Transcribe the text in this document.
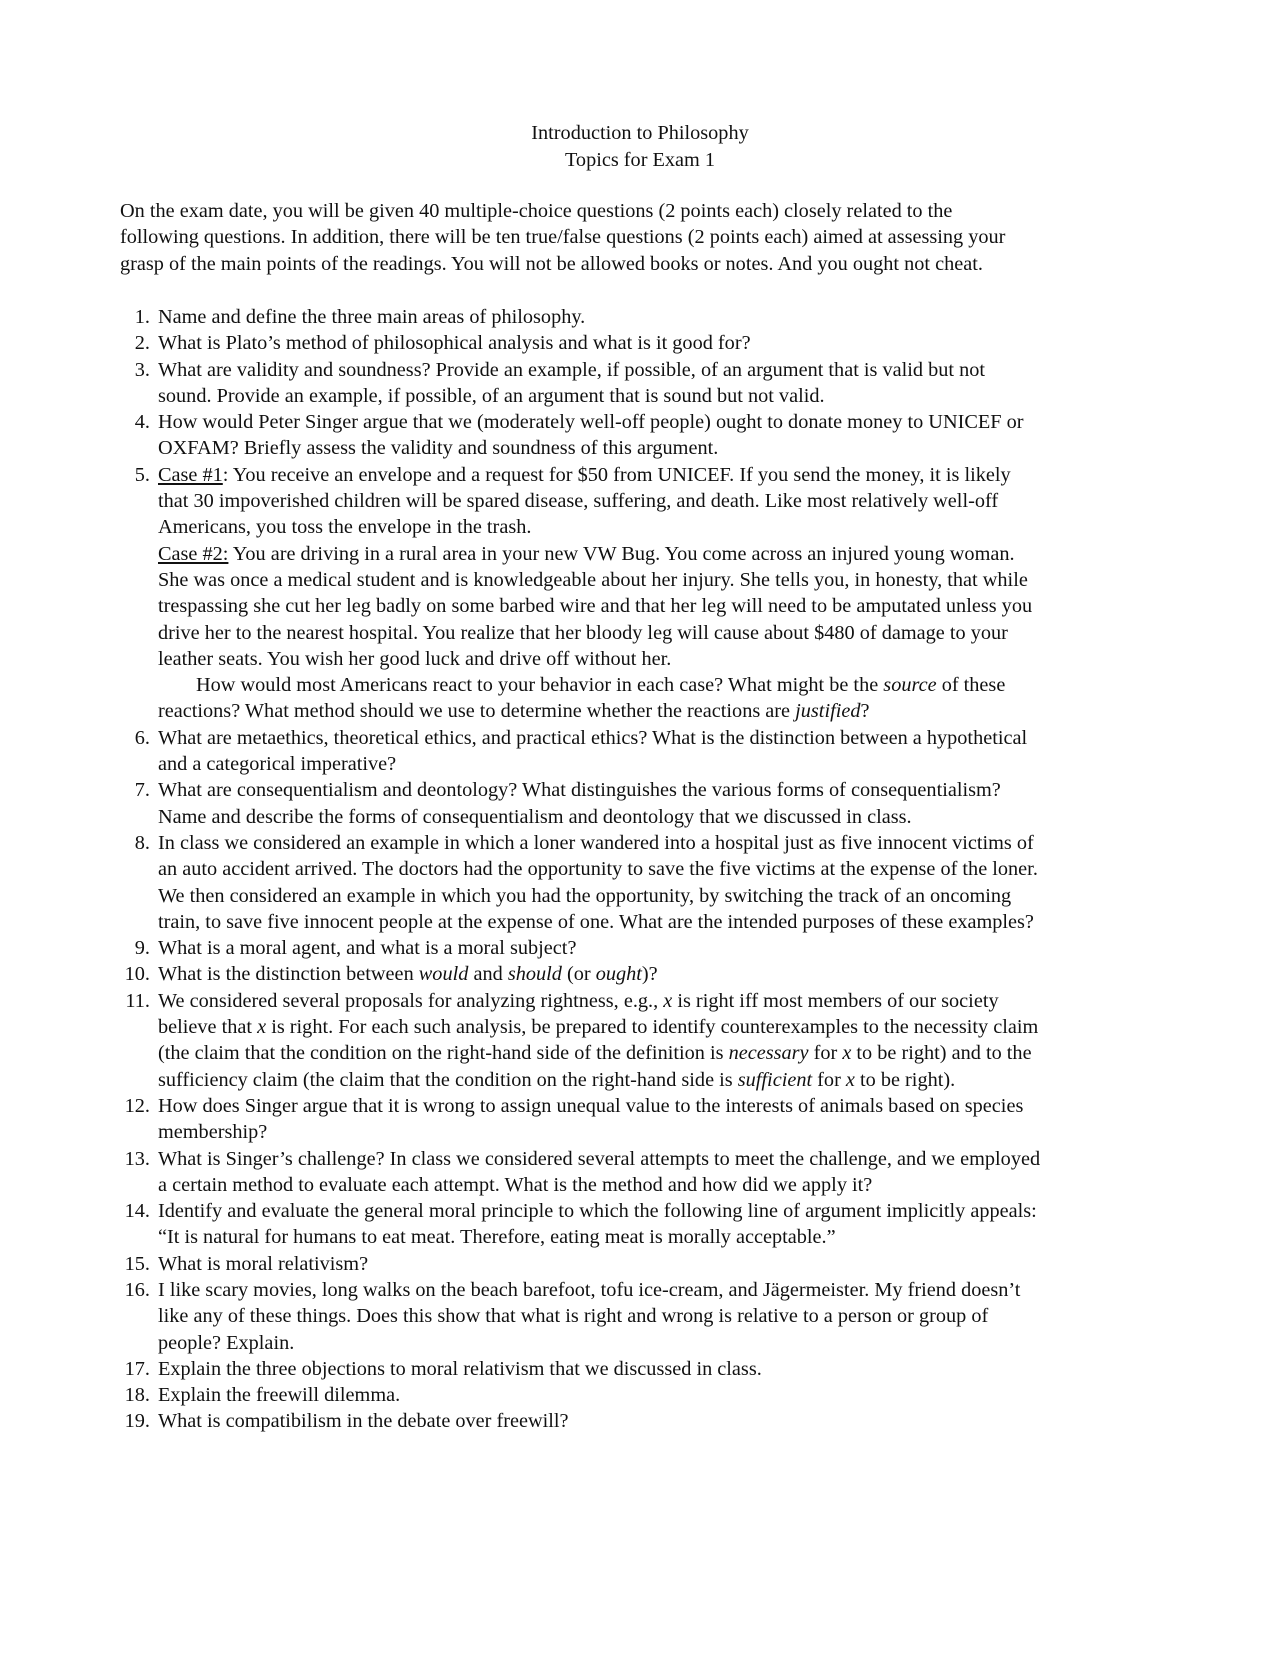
Introduction to Philosophy
Topics for Exam 1

On the exam date, you will be given 40 multiple-choice questions (2 points each) closely related to the
following questions. In addition, there will be ten true/false questions (2 points each) aimed at assessing your
grasp of the main points of the readings. You will not be allowed books or notes. And you ought not cheat.

1. Name and define the three main areas of philosophy.
2. What is Plato’s method of philosophical analysis and what is it good for?
3. What are validity and soundness? Provide an example, if possible, of an argument that is valid but not
sound. Provide an example, if possible, of an argument that is sound but not valid.
4. How would Peter Singer argue that we (moderately well-off people) ought to donate money to UNICEF or
OXFAM? Briefly assess the validity and soundness of this argument.
5. Case #1: You receive an envelope and a request for $50 from UNICEF. If you send the money, it is likely
that 30 impoverished children will be spared disease, suffering, and death. Like most relatively well-off
Americans, you toss the envelope in the trash.
Case #2: You are driving in a rural area in your new VW Bug. You come across an injured young woman.
She was once a medical student and is knowledgeable about her injury. She tells you, in honesty, that while
trespassing she cut her leg badly on some barbed wire and that her leg will need to be amputated unless you
drive her to the nearest hospital. You realize that her bloody leg will cause about $480 of damage to your
leather seats. You wish her good luck and drive off without her.
How would most Americans react to your behavior in each case? What might be the source of these
reactions? What method should we use to determine whether the reactions are justified?
6. What are metaethics, theoretical ethics, and practical ethics? What is the distinction between a hypothetical
and a categorical imperative?
7. What are consequentialism and deontology? What distinguishes the various forms of consequentialism?
Name and describe the forms of consequentialism and deontology that we discussed in class.
8. In class we considered an example in which a loner wandered into a hospital just as five innocent victims of
an auto accident arrived. The doctors had the opportunity to save the five victims at the expense of the loner.
We then considered an example in which you had the opportunity, by switching the track of an oncoming
train, to save five innocent people at the expense of one. What are the intended purposes of these examples?
9. What is a moral agent, and what is a moral subject?
10. What is the distinction between would and should (or ought)?
11. We considered several proposals for analyzing rightness, e.g., x is right iff most members of our society
believe that x is right. For each such analysis, be prepared to identify counterexamples to the necessity claim
(the claim that the condition on the right-hand side of the definition is necessary for x to be right) and to the
sufficiency claim (the claim that the condition on the right-hand side is sufficient for x to be right).
12. How does Singer argue that it is wrong to assign unequal value to the interests of animals based on species
membership?
13. What is Singer’s challenge? In class we considered several attempts to meet the challenge, and we employed
a certain method to evaluate each attempt. What is the method and how did we apply it?
14. Identify and evaluate the general moral principle to which the following line of argument implicitly appeals:
“It is natural for humans to eat meat. Therefore, eating meat is morally acceptable.”
15. What is moral relativism?
16. I like scary movies, long walks on the beach barefoot, tofu ice-cream, and Jägermeister. My friend doesn’t
like any of these things. Does this show that what is right and wrong is relative to a person or group of
people? Explain.
17. Explain the three objections to moral relativism that we discussed in class.
18. Explain the freewill dilemma.
19. What is compatibilism in the debate over freewill?
